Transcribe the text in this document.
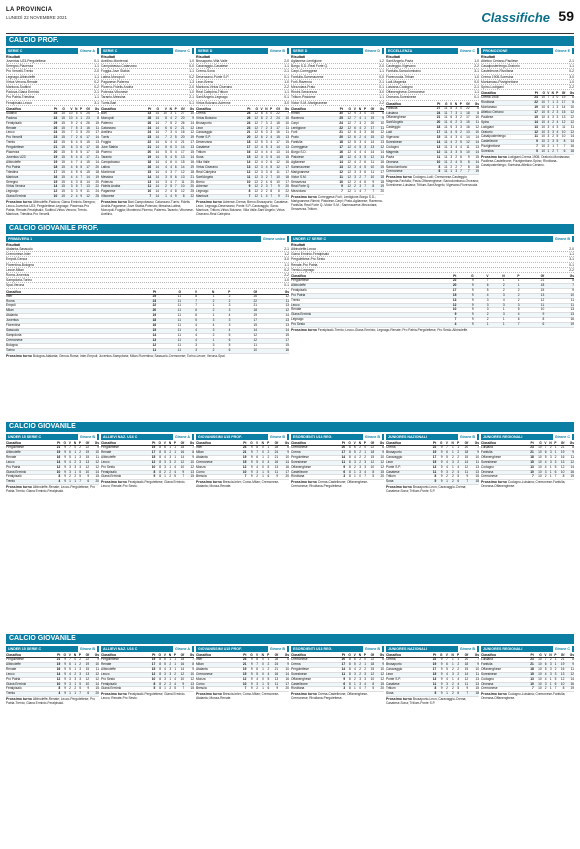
LA PROVINCIA
LUNEDÌ 22 NOVEMBRE 2021	Classifiche 59
CALCIO PROF.
CALCIO GIOVANILE PROF.
CALCIO GIOVANILE
CALCIO GIOVANILE
SERIE C	Girone A
Risultati
Juventus U23-Pergolettese	0-1
Seregno-Piacenza	1-1
Pro Vercelli-Trento	2-0
Legnago-Albinoleffe	1-1
Virtus Verona-Renate	0-2
Mantova-Sudtirol	0-2
Padova-Giana Erminio	2-1
Pro Patria-Triestina	1-1
Feralpisalò-Lecco	3-1
Classifica	Pt	G	V	N	P	Gf	Gs
Sudtirol	35	15	10	5	0	25	3
Padova	34	15	10	4	1	23	8
Feralpisalò	29	15	9	2	4	26	15
Renate	26	15	7	5	3	16	11
Lecco	24	15	7	3	5	20	17
Pro Vercelli	23	15	7	2	6	17	14
Trento	22	15	6	4	5	15	13
Pergolettese	21	15	6	3	6	17	18
Piacenza	20	15	5	5	5	17	18
Juventus U23	19	15	5	4	6	17	21
Albinoleffe	19	15	4	7	4	15	14
Pro Patria	18	15	4	6	5	17	20
Triestina	17	15	4	5	6	15	18
Mantova	16	15	4	4	7	14	19
Seregno	15	15	4	3	8	14	20
Virtus Verona	14	15	3	5	7	13	22
Legnago	12	15	3	3	9	11	24
Giana Erminio	10	15	2	4	9	12	25
Prossimo turno Albinoleffe-Padova; Giana Erminio-Seregno; Lecco-Juventus U23; Pergolettese-Legnago; Piacenza-Pro Patria; Renate-Feralpisalò; Sudtirol-Virtus Verona; Trento-Mantova; Triestina-Pro Vercelli.
SERIE C	Girone C
Risultati
Avellino-Monterosi	1-0
Campobasso-Catanzaro	0-0
Foggia-Juve Stabia	1-1
Latina-Monopoli	0-2
Paganese-Palermo	1-3
Picerno-Fidelis Andria	2-0
Potenza-Vibonese	1-0
Taranto-Messina	2-1
Turris-Bari	0-1
Classifica	Pt	G	V	N	P	Gf	Gs
Bari	33	14	10	3	1	27	10
Monopoli	28	14	8	4	2	20	9
Palermo	26	14	7	5	2	26	14
Catanzaro	24	14	6	6	2	21	12
Avellino	24	14	7	3	4	16	12
Turris	23	14	7	2	5	20	19
Foggia	22	14	6	4	4	21	17
Juve Stabia	21	14	5	6	3	14	13
Picerno	20	14	5	5	4	17	15
Taranto	19	14	5	4	5	13	14
Campobasso	18	14	4	6	4	15	16
Latina	16	14	4	4	6	14	19
Monterosi	15	14	4	3	7	12	18
Messina	14	14	3	5	6	13	21
Potenza	13	14	3	4	7	11	20
Fidelis Andria	11	14	2	5	7	10	20
Paganese	10	14	2	4	8	12	25
Vibonese	7	14	1	4	9	8	22
Prossimo turno Bari-Campobasso; Catanzaro-Turris; Fidelis Andria-Paganese; Juve Stabia-Potenza; Messina-Latina; Monopoli-Foggia; Monterosi-Picerno; Palermo-Taranto; Vibonese-Avellino.
SERIE D	Girone B
Risultati
Brusaporto-Villa Valle	2-0
Caravaggio-Casatese	1-1
Crema-Sona	2-1
Desenzano-Ponte S.P.	0-1
Leon-Breno	1-0
Mantova-Virtus Ciserano	2-2
Real Calepina-Tritium	1-1
Sant'Angelo-Legnago	0-1
Virtus Bolzano-Adrense	3-0
Classifica	Pt	G	V	N	P	Gf	Gs
Crema	28	12	8	4	0	22	7
Virtus Bolzano	26	12	8	2	2	24	10
Brusaporto	24	12	7	3	2	18	10
Leon	23	12	7	2	3	17	11
Caravaggio	21	12	6	3	3	16	11
Ponte S.P.	20	12	6	2	4	15	13
Desenzano	18	12	5	3	4	17	15
Casatese	17	12	4	5	3	14	13
Tritium	16	12	4	4	4	13	14
Sona	15	12	4	3	5	14	15
Villa Valle	14	12	4	2	6	12	16
Virtus Ciserano	13	12	3	4	5	12	17
Real Calepina	12	12	3	3	6	11	17
Sant'Angelo	11	12	3	2	7	10	18
Breno	10	12	2	4	6	10	17
Adrense	9	12	2	3	7	9	20
Legnago	8	12	2	2	8	8	22
Mantova	7	12	1	4	7	9	21
Prossimo turno Adrense-Crema; Breno-Brusaporto; Casatese-Leon; Legnago-Desenzano; Ponte S.P.-Caravaggio; Sona-Mantova; Tritium-Virtus Bolzano; Villa Valle-Sant'Angelo; Virtus Ciserano-Real Calepina.
SERIE D	Girone D
Risultati
Aglianese-Lentigione	1-2
Borgo S.D.-Real Forte Q.	2-0
Carpi-Correggese	1-1
Fanfulla-Sammaurese	0-0
Forlì-Ravenna	2-1
Mezzolara-Prato	0-1
Rimini-Seravezza	3-0
Tritium-Pistoiese	1-1
Victor S.M.-Marignanese	2-2
Classifica	Pt	G	V	N	P	Gf	Gs
Rimini	30	12	9	3	0	24	6
Ravenna	25	12	7	4	1	19	9
Carpi	24	12	7	3	2	20	10
Lentigione	22	12	6	4	2	17	11
Forlì	21	12	6	3	3	16	12
Prato	20	12	6	2	4	15	12
Fanfulla	18	12	5	3	4	14	13
Correggese	17	12	4	5	3	13	12
Borgo S.D.	16	12	4	4	4	14	14
Pistoiese	15	12	4	3	5	12	14
Aglianese	14	12	4	2	6	11	16
Sammaurese	13	12	3	4	5	10	15
Marignanese	12	12	3	3	6	11	17
Victor S.M.	11	12	3	2	7	10	18
Seravezza	10	12	2	4	6	9	18
Real Forte Q.	9	12	2	3	7	8	19
Mezzolara	7	12	1	4	7	7	20
Prossimo turno Correggese-Forlì; Lentigione-Borgo S.D.; Marignanese-Rimini; Pistoiese-Carpi; Prato-Aglianese; Ravenna-Fanfulla; Real Forte Q.-Victor S.M.; Sammaurese-Mezzolara; Seravezza-Tritium.
ECCELLENZA	Girone C
Risultati
Sant'Angelo-Pavia	1-0
Casteggio-Vigevano	2-2
Fanfulla-Sancolombano	3-1
Fiorenzuola-Tritium	1-0
Lodi-Magenta	0-0
Luisiana-Codogno	2-1
Offanenghese-Cremonese	1-1
Orceana-Soresinese	0-1
Classifica	Pt	G	V	N	P	Gf	Gs
Fanfulla	27	11	8	3	0	22	6
Luisiana	24	11	7	3	1	18	8
Offanenghese	21	11	6	3	2	17	10
Sant'Angelo	20	11	6	2	3	15	11
Casteggio	18	11	5	3	3	16	12
Lodi	17	11	4	5	2	13	10
Vigevano	15	11	4	3	4	14	14
Soresinese	14	11	4	2	5	12	14
Codogno	13	11	3	4	4	11	13
Magenta	12	11	3	3	5	10	14
Pavia	11	11	3	2	6	9	15
Orceana	10	11	2	4	5	8	14
Sancolombano	8	11	2	2	7	8	18
Cremonese	6	11	1	3	7	7	19
Prossimo turno Codogno-Lodi; Cremonese-Casteggio; Magenta-Fanfulla; Pavia-Offanenghese; Sancolombano-Orceana; Soresinese-Luisiana; Tritium-Sant'Angelo; Vigevano-Fiorenzuola.
PROMOZIONE	Girone E
Risultati
Atletico Ceriano-Paullese	2-1
Casalpusterlengo-Oratorio	1-1
Castelleone-Rivoltana	0-2
Crema 1908-Soresina	3-0
Montanaso-Pizzighettone	1-0
Spino-Lodigiani	2-2
Classifica	Pt	G	V	N	P	Gf	Gs
Crema 1908	24	10	7	3	0	19	6
Rivoltana	22	10	7	1	2	17	8
Montanaso	19	10	6	1	3	14	10
Atletico Ceriano	17	10	5	2	3	15	12
Paullese	15	10	4	3	3	13	12
Spino	14	10	4	2	4	12	12
Lodigiani	13	10	3	4	3	11	11
Oratorio	12	10	3	3	4	10	12
Casalpusterlengo	11	10	3	2	5	10	14
Castelleone	9	10	2	3	5	8	14
Pizzighettone	7	10	2	1	7	7	16
Soresina	5	10	1	2	7	6	18
Prossimo turno Lodigiani-Crema 1908; Oratorio-Montanaso; Paullese-Castelleone; Pizzighettone-Spino; Rivoltana-Casalpusterlengo; Soresina-Atletico Ceriano.
PRIMAVERA 1	Girone unico
Risultati
Atalanta-Sassuolo	2-1
Cremonese-Inter	1-2
Empoli-Genoa	3-0
Fiorentina-Bologna	1-1
Lecce-Milan	0-2
Roma-Juventus	2-2
Sampdoria-Torino	1-0
Spal-Verona	0-1
Classifica	Pt	G	V	N	P	Gf	Gs
Inter	25	11	8	1	2	26	12
Roma	23	11	7	2	2	22	11
Empoli	22	11	7	1	3	21	13
Milan	20	11	6	2	3	18	12
Atalanta	19	11	6	1	4	19	14
Juventus	18	11	5	3	3	17	13
Fiorentina	16	11	4	4	3	15	13
Sassuolo	15	11	4	3	4	14	14
Sampdoria	14	11	4	2	5	12	15
Cremonese	13	11	4	1	6	12	17
Bologna	12	11	3	3	5	11	15
Torino	11	11	3	2	6	10	16
Prossimo turno Bologna-Atalanta; Genoa-Roma; Inter-Empoli; Juventus-Sampdoria; Milan-Fiorentina; Sassuolo-Cremonese; Torino-Lecce; Verona-Spal.
UNDER 17 SERIE C	Girone B
Risultati
Albinoleffe-Lecco	2-0
Giana Erminio-Feralpisalò	1-1
Pergolettese-Pro Sesto	3-1
Renate-Pro Patria	0-1
Trento-Legnago	2-2
Classifica	Pt	G	V	N	P	Gf	Gs
Pergolettese	22	9	7	1	1	21	8
Albinoleffe	20	9	6	2	1	18	7
Feralpisalò	17	9	5	2	2	15	9
Pro Patria	15	9	4	3	2	13	10
Trento	13	9	3	4	2	12	11
Lecco	12	9	3	3	3	11	11
Renate	10	9	3	1	5	10	13
Giana Erminio	9	9	2	3	4	9	13
Legnago	7	9	2	1	6	8	16
Pro Sesto	4	9	1	1	7	6	19
Prossimo turno Feralpisalò-Trento; Lecco-Giana Erminio; Legnago-Renate; Pro Patria-Pergolettese; Pro Sesto-Albinoleffe.
UNDER 15 SERIE C	Girone B
Classifica	Pt	G	V	N	P	Gf	Gs
Pergolettese	21	9	7	0	2	22	9
Albinoleffe	19	9	6	1	2	19	10
Renate	16	9	5	1	3	15	11
Lecco	14	9	4	2	3	13	12
Pro Patria	12	9	3	3	3	12	12
Giana Erminio	10	9	3	1	5	10	14
Feralpisalò	8	9	2	2	5	9	15
Trento	4	9	1	1	7	6	20
Prossimo turno Albinoleffe-Renate; Lecco-Pergolettese; Pro Patria-Trento; Giana Erminio-Feralpisalò.
UNDER 15 SERIE C	Girone B
Classifica	Pt	G	V	N	P	Gf	Gs
Pergolettese	21	9	7	0	2	22	9
Albinoleffe	19	9	6	1	2	19	10
Renate	16	9	5	1	3	15	11
Lecco	14	9	4	2	3	13	12
Pro Patria	12	9	3	3	3	12	12
Giana Erminio	10	9	3	1	5	10	14
Feralpisalò	8	9	2	2	5	9	15
Trento	4	9	1	1	7	6	20
Prossimo turno Albinoleffe-Renate; Lecco-Pergolettese; Pro Patria-Trento; Giana Erminio-Feralpisalò.
ALLIEVI NAZ. U16 C	Girone A
Classifica	Pt	G	V	N	P	Gf	Gs
Pergolettese	19	8	6	1	1	18	7
Renate	17	8	5	2	1	16	8
Albinoleffe	15	8	4	3	1	14	9
Lecco	12	8	3	3	2	12	10
Pro Sesto	10	8	3	1	4	10	12
Feralpisalò	8	8	2	2	4	9	13
Giana Erminio	5	8	1	2	5	7	15
Prossimo turno Feralpisalò-Pergolettese; Giana Erminio-Lecco; Renate-Pro Sesto.
ALLIEVI NAZ. U16 C	Girone A
Classifica	Pt	G	V	N	P	Gf	Gs
Pergolettese	19	8	6	1	1	18	7
Renate	17	8	5	2	1	16	8
Albinoleffe	15	8	4	3	1	14	9
Lecco	12	8	3	3	2	12	10
Pro Sesto	10	8	3	1	4	10	12
Feralpisalò	8	8	2	2	4	9	13
Giana Erminio	5	8	1	2	5	7	15
Prossimo turno Feralpisalò-Pergolettese; Giana Erminio-Lecco; Renate-Pro Sesto.
GIOVANISSIMI U15 PROF.	Girone B
Classifica	Pt	G	V	N	P	Gf	Gs
Inter	24	9	8	0	1	28	6
Milan	21	9	7	0	2	24	9
Atalanta	19	9	6	1	2	21	10
Cremonese	15	9	5	0	4	16	14
Monza	12	9	4	0	5	13	16
Como	10	9	3	1	5	11	17
Brescia	7	9	2	1	6	9	20
Prossimo turno Brescia-Inter; Como-Milan; Cremonese-Atalanta; Monza-Renate.
GIOVANISSIMI U15 PROF.	Girone B
Classifica	Pt	G	V	N	P	Gf	Gs
Inter	24	9	8	0	1	28	6
Milan	21	9	7	0	2	24	9
Atalanta	19	9	6	1	2	21	10
Cremonese	15	9	5	0	4	16	14
Monza	12	9	4	0	5	13	16
Como	10	9	3	1	5	11	17
Brescia	7	9	2	1	6	9	20
Prossimo turno Brescia-Inter; Como-Milan; Cremonese-Atalanta; Monza-Renate.
ESORDIENTI U13 REG.	Girone B
Classifica	Pt	G	V	N	P	Gf	Gs
Cremonese	20	8	6	2	0	22	6
Crema	17	8	5	2	1	18	9
Pergolettese	14	8	4	2	2	15	10
Soresinese	11	8	3	2	3	12	12
Offanenghese	9	8	2	3	3	10	12
Castelleone	6	8	1	3	4	8	15
Rivoltana	3	8	1	0	7	5	20
Prossimo turno Crema-Castelleone; Offanenghese-Cremonese; Rivoltana-Pergolettese.
ESORDIENTI U13 REG.	Girone B
Classifica	Pt	G	V	N	P	Gf	Gs
Cremonese	20	8	6	2	0	22	6
Crema	17	8	5	2	1	18	9
Pergolettese	14	8	4	2	2	15	10
Soresinese	11	8	3	2	3	12	12
Offanenghese	9	8	2	3	3	10	12
Castelleone	6	8	1	3	4	8	15
Rivoltana	3	8	1	0	7	5	20
Prossimo turno Crema-Castelleone; Offanenghese-Cremonese; Rivoltana-Pergolettese.
JUNIORES NAZIONALI	Girone B
Classifica	Pt	G	V	N	P	Gf	Gs
Crema	22	9	7	1	1	20	7
Brusaporto	19	9	6	1	2	18	9
Caravaggio	17	9	5	2	2	15	10
Leon	15	9	4	3	2	14	11
Ponte S.P.	13	9	4	1	4	12	13
Casatese	11	9	3	2	4	11	13
Tritium	8	9	2	2	5	9	15
Sona	5	9	1	2	6	7	18
Prossimo turno Brusaporto-Leon; Caravaggio-Crema; Casatese-Sona; Tritium-Ponte S.P.
JUNIORES NAZIONALI	Girone B
Classifica	Pt	G	V	N	P	Gf	Gs
Crema	22	9	7	1	1	20	7
Brusaporto	19	9	6	1	2	18	9
Caravaggio	17	9	5	2	2	15	10
Leon	15	9	4	3	2	14	11
Ponte S.P.	13	9	4	1	4	12	13
Casatese	11	9	3	2	4	11	13
Tritium	8	9	2	2	5	9	15
Sona	5	9	1	2	6	7	18
Prossimo turno Brusaporto-Leon; Caravaggio-Crema; Casatese-Sona; Tritium-Ponte S.P.
JUNIORES REGIONALI	Girone C
Classifica	Pt	G	V	N	P	Gf	Gs
Luisiana	23	10	7	2	1	21	8
Fanfulla	21	10	6	3	1	19	9
Offanenghese	18	10	5	3	2	16	11
Soresinese	15	10	4	3	3	13	12
Codogno	13	10	4	1	5	12	14
Orceana	10	10	3	1	6	10	16
Cremonese	7	10	2	1	7	8	19
Prossimo turno Codogno-Luisiana; Cremonese-Fanfulla; Orceana-Offanenghese.
JUNIORES REGIONALI	Girone C
Classifica	Pt	G	V	N	P	Gf	Gs
Luisiana	23	10	7	2	1	21	8
Fanfulla	21	10	6	3	1	19	9
Offanenghese	18	10	5	3	2	16	11
Soresinese	15	10	4	3	3	13	12
Codogno	13	10	4	1	5	12	14
Orceana	10	10	3	1	6	10	16
Cremonese	7	10	2	1	7	8	19
Prossimo turno Codogno-Luisiana; Cremonese-Fanfulla; Orceana-Offanenghese.
